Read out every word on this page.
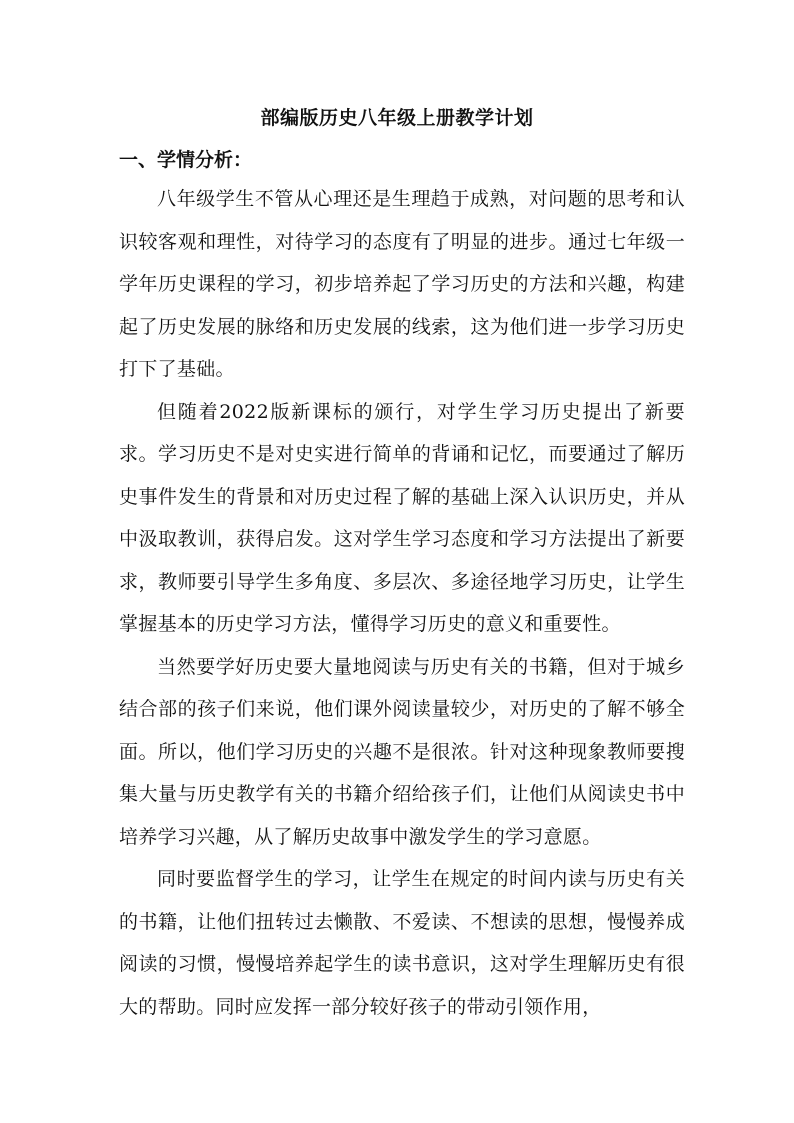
部编版历史八年级上册教学计划
一、学情分析：

八年级学生不管从心理还是生理趋于成熟，对问题的思考和认识较客观和理性，对待学习的态度有了明显的进步。通过七年级一学年历史课程的学习，初步培养起了学习历史的方法和兴趣，构建起了历史发展的脉络和历史发展的线索，这为他们进一步学习历史打下了基础。

但随着2022版新课标的颁行，对学生学习历史提出了新要求。学习历史不是对史实进行简单的背诵和记忆，而要通过了解历史事件发生的背景和对历史过程了解的基础上深入认识历史，并从中汲取教训，获得启发。这对学生学习态度和学习方法提出了新要求，教师要引导学生多角度、多层次、多途径地学习历史，让学生掌握基本的历史学习方法，懂得学习历史的意义和重要性。

当然要学好历史要大量地阅读与历史有关的书籍，但对于城乡结合部的孩子们来说，他们课外阅读量较少，对历史的了解不够全面。所以，他们学习历史的兴趣不是很浓。针对这种现象教师要搜集大量与历史教学有关的书籍介绍给孩子们，让他们从阅读史书中培养学习兴趣，从了解历史故事中激发学生的学习意愿。

同时要监督学生的学习，让学生在规定的时间内读与历史有关的书籍，让他们扭转过去懒散、不爱读、不想读的思想，慢慢养成阅读的习惯，慢慢培养起学生的读书意识，这对学生理解历史有很大的帮助。同时应发挥一部分较好孩子的带动引领作用，
